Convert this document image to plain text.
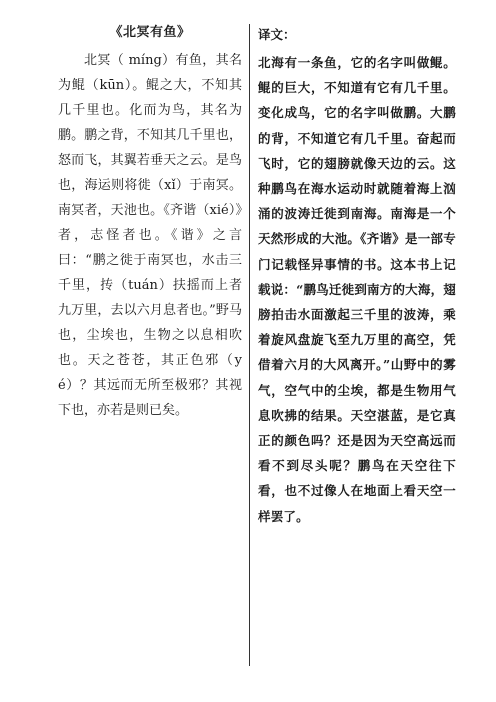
《北冥有鱼》

北冥（ míng）有鱼，其名为鲲（kūn）。鲲之大，不知其几千里也。化而为鸟，其名为鹏。鹏之背，不知其几千里也，怒而飞，其翼若垂天之云。是鸟也，海运则将徙（xǐ）于南冥。南冥者，天池也。《齐谐（xié）》者，志怪者也。《谐》之言曰：“鹏之徙于南冥也，水击三千里，抟（tuán）扶摇而上者九万里，去以六月息者也。”野马也，尘埃也，生物之以息相吹也。天之苍苍，其正色邪（yé）？其远而无所至极邪？其视下也，亦若是则已矣。

译文：

北海有一条鱼，它的名字叫做鲲。鲲的巨大，不知道有它有几千里。变化成鸟，它的名字叫做鹏。大鹏的背，不知道它有几千里。奋起而飞时，它的翅膀就像天边的云。这种鹏鸟在海水运动时就随着海上汹涌的波涛迁徙到南海。南海是一个天然形成的大池。《齐谐》是一部专门记载怪异事情的书。这本书上记载说：“鹏鸟迁徙到南方的大海，翅膀拍击水面激起三千里的波涛，乘着旋风盘旋飞至九万里的高空，凭借着六月的大风离开。”山野中的雾气，空气中的尘埃，都是生物用气息吹拂的结果。天空湛蓝，是它真正的颜色吗？还是因为天空高远而看不到尽头呢？鹏鸟在天空往下看，也不过像人在地面上看天空一样罢了。
